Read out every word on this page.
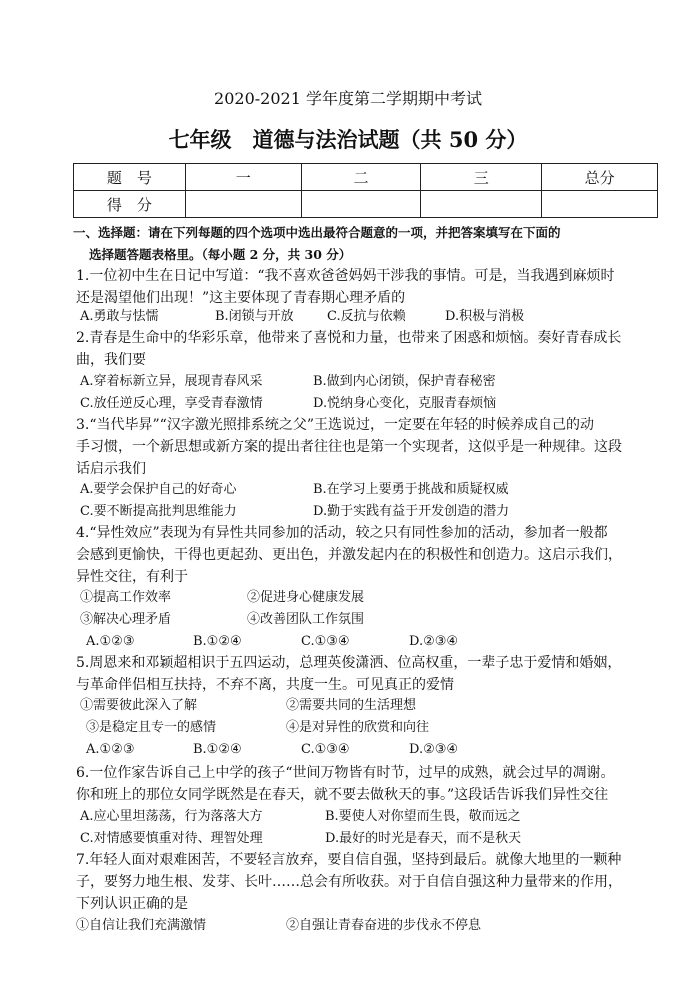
2020-2021 学年度第二学期期中考试
七年级　道德与法治试题（共 50 分）
题　号	一	二	三	总分
得　分				
一、选择题：请在下列每题的四个选项中选出最符合题意的一项，并把答案填写在下面的
选择题答题表格里。（每小题 2 分，共 30 分）
1.一位初中生在日记中写道：“我不喜欢爸爸妈妈干涉我的事情。可是，当我遇到麻烦时
还是渴望他们出现！”这主要体现了青春期心理矛盾的
A.勇敢与怯懦	B.闭锁与开放	C.反抗与依赖	D.积极与消极
2.青春是生命中的华彩乐章，他带来了喜悦和力量，也带来了困惑和烦恼。奏好青春成长
曲，我们要
A.穿着标新立异，展现青春风采	B.做到内心闭锁，保护青春秘密
C.放任逆反心理，享受青春激情	D.悦纳身心变化，克服青春烦恼
3.“当代毕昇”“汉字激光照排系统之父”王选说过，一定要在年轻的时候养成自己的动
手习惯，一个新思想或新方案的提出者往往也是第一个实现者，这似乎是一种规律。这段
话启示我们
A.要学会保护自己的好奇心	B.在学习上要勇于挑战和质疑权威
C.要不断提高批判思维能力	D.勤于实践有益于开发创造的潜力
4.“异性效应”表现为有异性共同参加的活动，较之只有同性参加的活动，参加者一般都
会感到更愉快，干得也更起劲、更出色，并激发起内在的积极性和创造力。这启示我们，
异性交往，有利于
①提高工作效率	②促进身心健康发展
③解决心理矛盾	④改善团队工作氛围
A.①②③	B.①②④	C.①③④	D.②③④
5.周恩来和邓颖超相识于五四运动，总理英俊潇洒、位高权重，一辈子忠于爱情和婚姻，
与革命伴侣相互扶持，不弃不离，共度一生。可见真正的爱情
①需要彼此深入了解	②需要共同的生活理想
③是稳定且专一的感情	④是对异性的欣赏和向往
A.①②③	B.①②④	C.①③④	D.②③④
6.一位作家告诉自己上中学的孩子“世间万物皆有时节，过早的成熟，就会过早的凋谢。
你和班上的那位女同学既然是在春天，就不要去做秋天的事。”这段话告诉我们异性交往
A.应心里坦荡荡，行为落落大方	B.要使人对你望而生畏，敬而远之
C.对情感要慎重对待、理智处理	D.最好的时光是春天，而不是秋天
7.年轻人面对艰难困苦，不要轻言放弃，要自信自强，坚持到最后。就像大地里的一颗种
子，要努力地生根、发芽、长叶……总会有所收获。对于自信自强这种力量带来的作用，
下列认识正确的是
①自信让我们充满激情	②自强让青春奋进的步伐永不停息
